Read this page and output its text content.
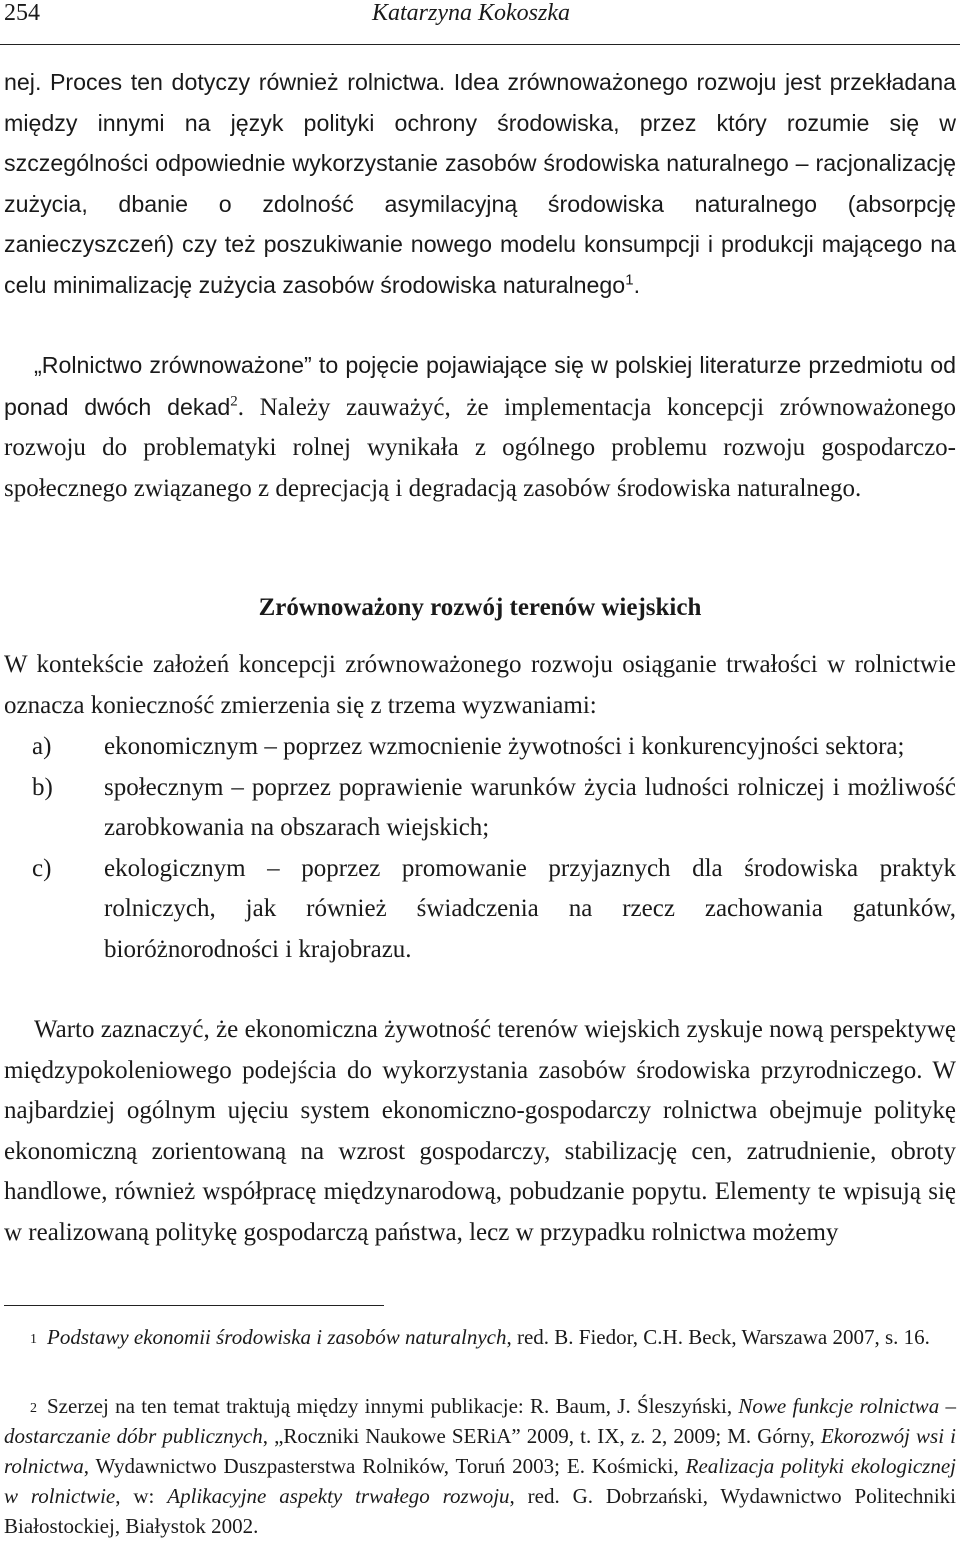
254	Katarzyna Kokoszka

nej. Proces ten dotyczy również rolnictwa. Idea zrównoważonego rozwoju jest przekładana między innymi na język polityki ochrony środowiska, przez który rozumie się w szczególności odpowiednie wykorzystanie zasobów środowiska naturalnego – racjonalizację zużycia, dbanie o zdolność asymilacyjną środowiska naturalnego (absorpcję zanieczyszczeń) czy też poszukiwanie nowego modelu konsumpcji i produkcji mającego na celu minimalizację zużycia zasobów środowiska naturalnego$^1$.

„Rolnictwo zrównoważone” to pojęcie pojawiające się w polskiej literaturze przedmiotu od ponad dwóch dekad$^2$. Należy zauważyć, że implementacja koncepcji zrównoważonego rozwoju do problematyki rolnej wynikała z ogólnego problemu rozwoju gospodarczo-społecznego związanego z deprecjacją i degradacją zasobów środowiska naturalnego.

Zrównoważony rozwój terenów wiejskich

W kontekście założeń koncepcji zrównoważonego rozwoju osiąganie trwałości w rolnictwie oznacza konieczność zmierzenia się z trzema wyzwaniami:

a) ekonomicznym – poprzez wzmocnienie żywotności i konkurencyjności sektora;
b) społecznym – poprzez poprawienie warunków życia ludności rolniczej i możliwość zarobkowania na obszarach wiejskich;
c) ekologicznym – poprzez promowanie przyjaznych dla środowiska praktyk rolniczych, jak również świadczenia na rzecz zachowania gatunków, bioróżnorodności i krajobrazu.

Warto zaznaczyć, że ekonomiczna żywotność terenów wiejskich zyskuje nową perspektywę międzypokoleniowego podejścia do wykorzystania zasobów środowiska przyrodniczego. W najbardziej ogólnym ujęciu system ekonomiczno-gospodarczy rolnictwa obejmuje politykę ekonomiczną zorientowaną na wzrost gospodarczy, stabilizację cen, zatrudnienie, obroty handlowe, również współpracę międzynarodową, pobudzanie popytu. Elementy te wpisują się w realizowaną politykę gospodarczą państwa, lecz w przypadku rolnictwa możemy

$^1$ Podstawy ekonomii środowiska i zasobów naturalnych, red. B. Fiedor, C.H. Beck, Warszawa 2007, s. 16.

$^2$ Szerzej na ten temat traktują między innymi publikacje: R. Baum, J. Śleszyński, Nowe funkcje rolnictwa – dostarczanie dóbr publicznych, „Roczniki Naukowe SERiA” 2009, t. IX, z. 2, 2009; M. Górny, Ekorozwój wsi i rolnictwa, Wydawnictwo Duszpasterstwa Rolników, Toruń 2003; E. Kośmicki, Realizacja polityki ekologicznej w rolnictwie, w: Aplikacyjne aspekty trwałego rozwoju, red. G. Dobrzański, Wydawnictwo Politechniki Białostockiej, Białystok 2002.
